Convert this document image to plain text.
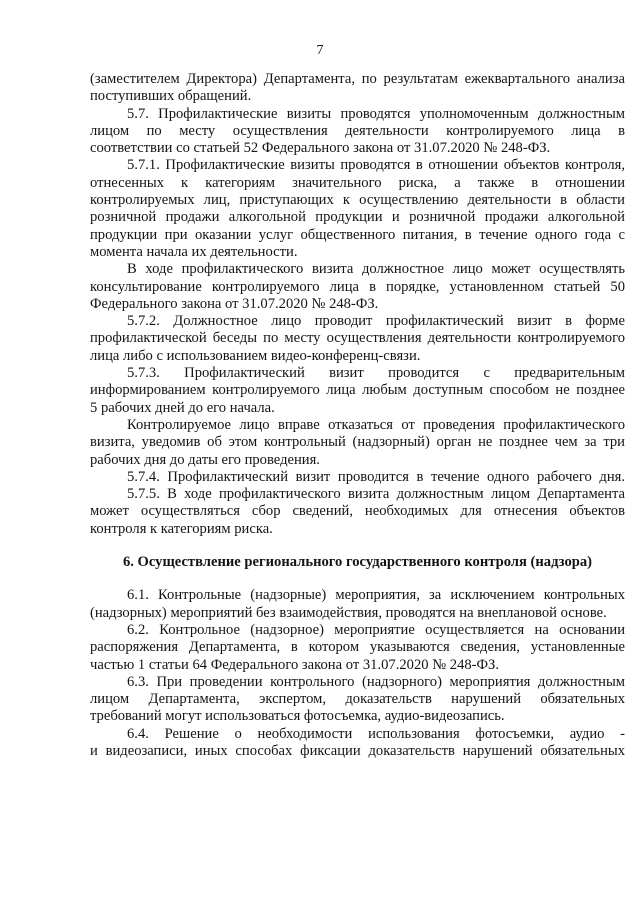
7

(заместителем Директора) Департамента, по результатам ежеквартального анализа
поступивших обращений.

5.7. Профилактические визиты проводятся уполномоченным должностным
лицом по месту осуществления деятельности контролируемого лица в
соответствии со статьей 52 Федерального закона от 31.07.2020 № 248-ФЗ.

5.7.1. Профилактические визиты проводятся в отношении объектов контроля,
отнесенных к категориям значительного риска, а также в отношении
контролируемых лиц, приступающих к осуществлению деятельности в области
розничной продажи алкогольной продукции и розничной продажи алкогольной
продукции при оказании услуг общественного питания, в течение одного года с
момента начала их деятельности.

В ходе профилактического визита должностное лицо может осуществлять
консультирование контролируемого лица в порядке, установленном статьей 50
Федерального закона от 31.07.2020 № 248-ФЗ.

5.7.2. Должностное лицо проводит профилактический визит в форме
профилактической беседы по месту осуществления деятельности контролируемого
лица либо с использованием видео-конференц-связи.

5.7.3. Профилактический визит проводится с предварительным
информированием контролируемого лица любым доступным способом не позднее
5 рабочих дней до его начала.

Контролируемое лицо вправе отказаться от проведения профилактического
визита, уведомив об этом контрольный (надзорный) орган не позднее чем за три
рабочих дня до даты его проведения.

5.7.4. Профилактический визит проводится в течение одного рабочего дня.

5.7.5. В ходе профилактического визита должностным лицом Департамента
может осуществляться сбор сведений, необходимых для отнесения объектов
контроля к категориям риска.

6. Осуществление регионального государственного контроля (надзора)

6.1. Контрольные (надзорные) мероприятия, за исключением контрольных
(надзорных) мероприятий без взаимодействия, проводятся на внеплановой основе.

6.2. Контрольное (надзорное) мероприятие осуществляется на основании
распоряжения Департамента, в котором указываются сведения, установленные
частью 1 статьи 64 Федерального закона от 31.07.2020 № 248-ФЗ.

6.3. При проведении контрольного (надзорного) мероприятия должностным
лицом Департамента, экспертом, доказательств нарушений обязательных
требований могут использоваться фотосъемка, аудио-видеозапись.

6.4. Решение о необходимости использования фотосъемки, аудио -
и видеозаписи, иных способах фиксации доказательств нарушений обязательных
